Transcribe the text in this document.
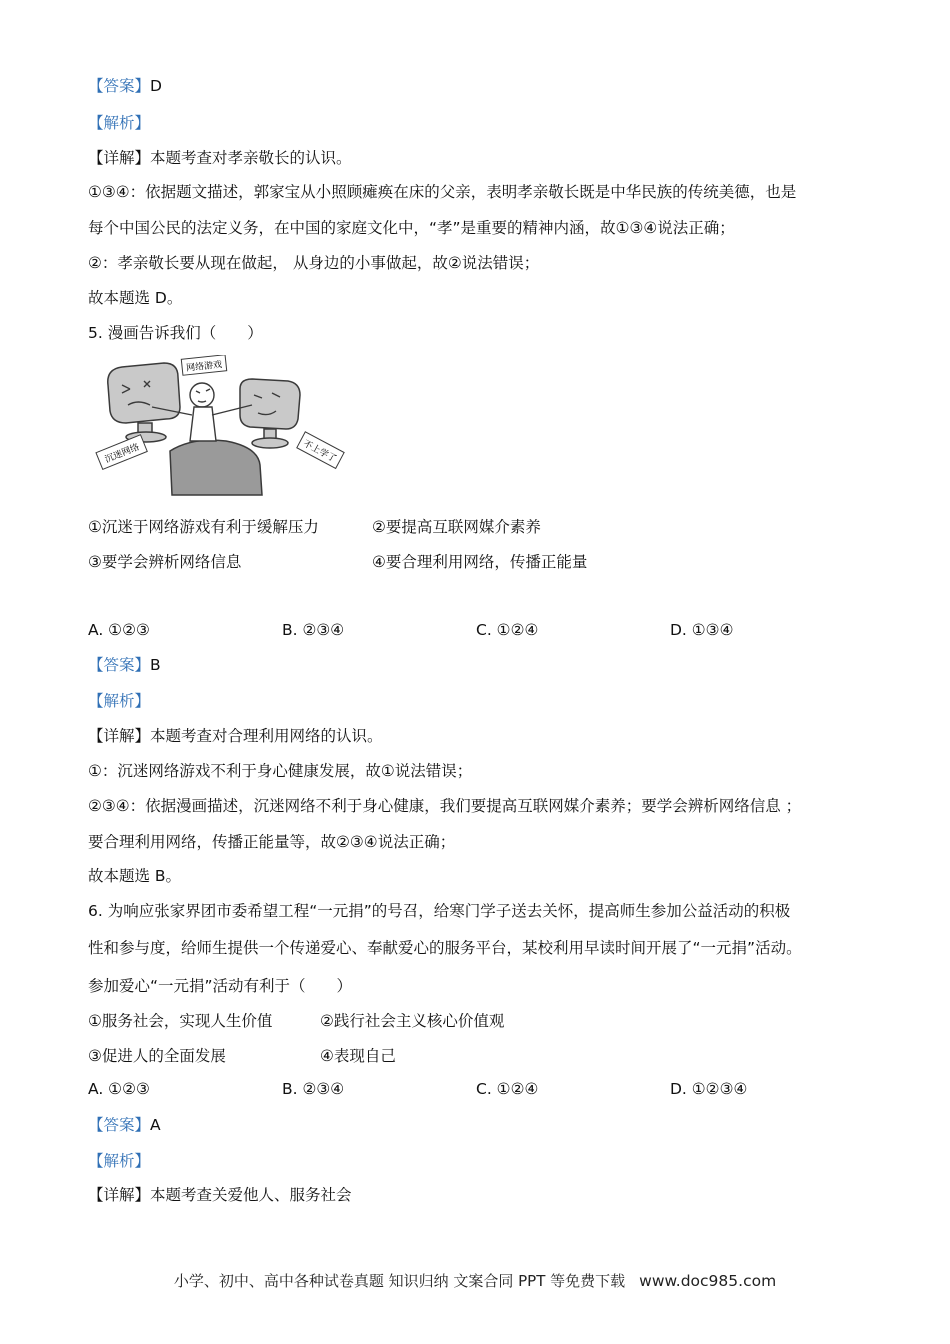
【答案】D
【解析】
【详解】本题考查对孝亲敬长的认识。
①③④：依据题文描述，郭家宝从小照顾瘫痪在床的父亲，表明孝亲敬长既是中华民族的传统美德，也是
每个中国公民的法定义务，在中国的家庭文化中，“孝”是重要的精神内涵，故①③④说法正确；
②：孝亲敬长要从现在做起， 从身边的小事做起，故②说法错误；
故本题选 D。
5. 漫画告诉我们（　　）
网络游戏
沉迷网络	不上学了
①沉迷于网络游戏有利于缓解压力	②要提高互联网媒介素养
③要学会辨析网络信息	④要合理利用网络，传播正能量
A. ①②③	B. ②③④	C. ①②④	D. ①③④
【答案】B
【解析】
【详解】本题考查对合理利用网络的认识。
①：沉迷网络游戏不利于身心健康发展，故①说法错误；
②③④：依据漫画描述，沉迷网络不利于身心健康，我们要提高互联网媒介素养；要学会辨析网络信息 ；
要合理利用网络，传播正能量等，故②③④说法正确；
故本题选 B。
6. 为响应张家界团市委希望工程“一元捐”的号召，给寒门学子送去关怀，提高师生参加公益活动的积极
性和参与度，给师生提供一个传递爱心、奉献爱心的服务平台，某校利用早读时间开展了“一元捐”活动。
参加爱心“一元捐”活动有利于（　　）
①服务社会，实现人生价值	②践行社会主义核心价值观
③促进人的全面发展	④表现自己
A. ①②③	B. ②③④	C. ①②④	D. ①②③④
【答案】A
【解析】
【详解】本题考查关爱他人、服务社会
小学、初中、高中各种试卷真题 知识归纳 文案合同 PPT 等免费下载 www.doc985.com
